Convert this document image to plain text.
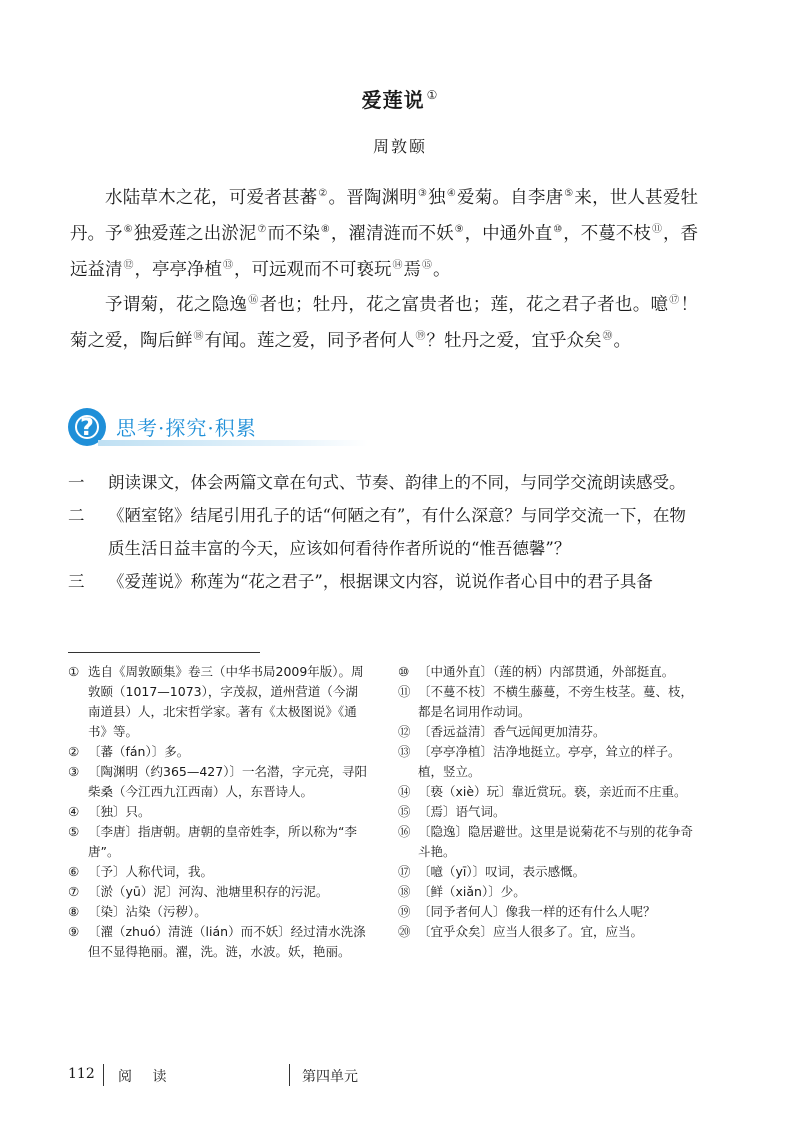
爱莲说 ①
周敦颐

水陆草木之花，可爱者甚蕃②。晋陶渊明③独④爱菊。自李唐⑤来，世人甚爱牡丹。予⑥独爱莲之出淤泥⑦而不染⑧，濯清涟而不妖⑨，中通外直⑩，不蔓不枝⑪，香远益清⑫，亭亭净植⑬，可远观而不可亵玩⑭焉⑮。

予谓菊，花之隐逸⑯者也；牡丹，花之富贵者也；莲，花之君子者也。噫⑰！菊之爱，陶后鲜⑱有闻。莲之爱，同予者何人⑲？牡丹之爱，宜乎众矣⑳。

?	思考·探究·积累
一	朗读课文，体会两篇文章在句式、节奏、韵律上的不同，与同学交流朗读感受。
二	《陋室铭》结尾引用孔子的话“何陋之有”，有什么深意？与同学交流一下，在物质生活日益丰富的今天，应该如何看待作者所说的“惟吾德馨”？
三	《爱莲说》称莲为“花之君子”，根据课文内容，说说作者心目中的君子具备
① 选自《周敦颐集》卷三（中华书局2009年版）。周敦颐（1017—1073），字茂叔，道州营道（今湖南道县）人，北宋哲学家。著有《太极图说》《通书》等。
② 〔蕃（fán）〕多。
③ 〔陶渊明（约365—427）〕一名潜，字元亮，寻阳柴桑（今江西九江西南）人，东晋诗人。
④ 〔独〕只。
⑤ 〔李唐〕指唐朝。唐朝的皇帝姓李，所以称为“李唐”。
⑥ 〔予〕人称代词，我。
⑦ 〔淤（yū）泥〕河沟、池塘里积存的污泥。
⑧ 〔染〕沾染（污秽）。
⑨ 〔濯（zhuó）清涟（lián）而不妖〕经过清水洗涤但不显得艳丽。濯，洗。涟，水波。妖，艳丽。
⑩ 〔中通外直〕（莲的柄）内部贯通，外部挺直。
⑪ 〔不蔓不枝〕不横生藤蔓，不旁生枝茎。蔓、枝，都是名词用作动词。
⑫ 〔香远益清〕香气远闻更加清芬。
⑬ 〔亭亭净植〕洁净地挺立。亭亭，耸立的样子。植，竖立。
⑭ 〔亵（xiè）玩〕靠近赏玩。亵，亲近而不庄重。
⑮ 〔焉〕语气词。
⑯ 〔隐逸〕隐居避世。这里是说菊花不与别的花争奇斗艳。
⑰ 〔噫（yī）〕叹词，表示感慨。
⑱ 〔鲜（xiǎn）〕少。
⑲ 〔同予者何人〕像我一样的还有什么人呢？
⑳ 〔宜乎众矣〕应当人很多了。宜，应当。
112 阅 读	第四单元
